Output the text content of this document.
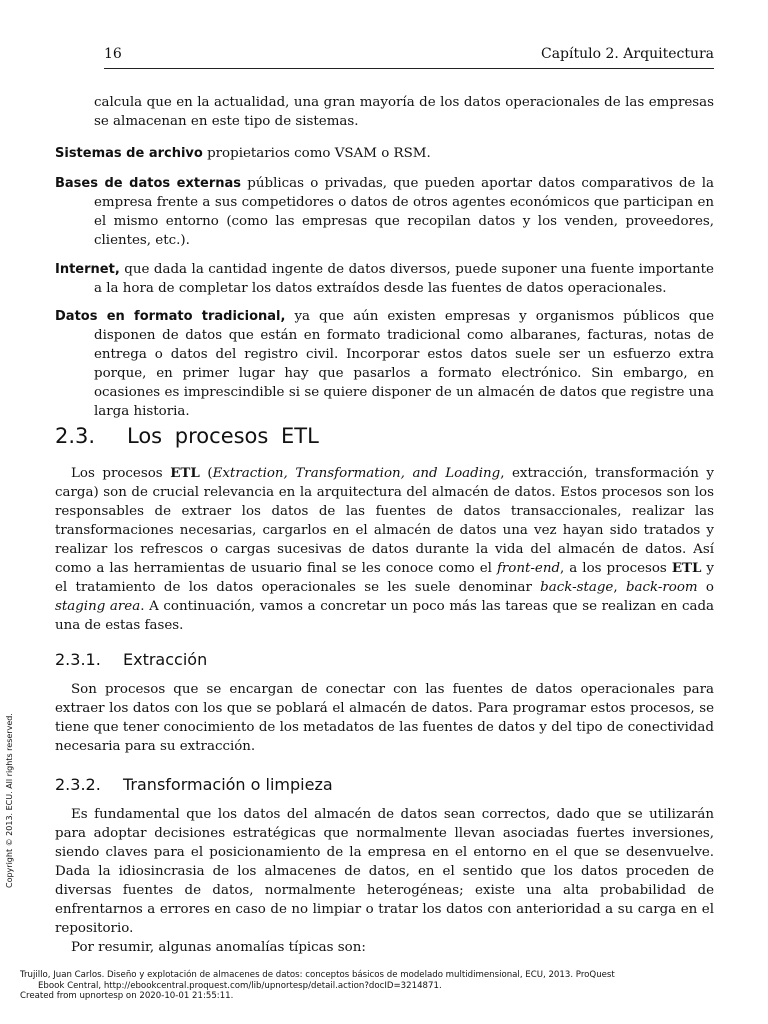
16	Capítulo 2. Arquitectura
calcula que en la actualidad, una gran mayoría de los datos operacionales de las empresas se almacenan en este tipo de sistemas.

Sistemas de archivo propietarios como VSAM o RSM.

Bases de datos externas públicas o privadas, que pueden aportar datos comparativos de la empresa frente a sus competidores o datos de otros agentes económicos que participan en el mismo entorno (como las empresas que recopilan datos y los venden, proveedores, clientes, etc.).

Internet, que dada la cantidad ingente de datos diversos, puede suponer una fuente importante a la hora de completar los datos extraídos desde las fuentes de datos operacionales.

Datos en formato tradicional, ya que aún existen empresas y organismos públicos que disponen de datos que están en formato tradicional como albaranes, facturas, notas de entrega o datos del registro civil. Incorporar estos datos suele ser un esfuerzo extra porque, en primer lugar hay que pasarlos a formato electrónico. Sin embargo, en ocasiones es imprescindible si se quiere disponer de un almacén de datos que registre una larga historia.

2.3. Los procesos ETL

Los procesos ETL (Extraction, Transformation, and Loading, extracción, transformación y carga) son de crucial relevancia en la arquitectura del almacén de datos. Estos procesos son los responsables de extraer los datos de las fuentes de datos transaccionales, realizar las transformaciones necesarias, cargarlos en el almacén de datos una vez hayan sido tratados y realizar los refrescos o cargas sucesivas de datos durante la vida del almacén de datos. Así como a las herramientas de usuario final se les conoce como el front-end, a los procesos ETL y el tratamiento de los datos operacionales se les suele denominar back-stage, back-room o staging area. A continuación, vamos a concretar un poco más las tareas que se realizan en cada una de estas fases.

2.3.1. Extracción

Son procesos que se encargan de conectar con las fuentes de datos operacionales para extraer los datos con los que se poblará el almacén de datos. Para programar estos procesos, se tiene que tener conocimiento de los metadatos de las fuentes de datos y del tipo de conectividad necesaria para su extracción.

2.3.2. Transformación o limpieza

Es fundamental que los datos del almacén de datos sean correctos, dado que se utilizarán para adoptar decisiones estratégicas que normalmente llevan asociadas fuertes inversiones, siendo claves para el posicionamiento de la empresa en el entorno en el que se desenvuelve. Dada la idiosincrasia de los almacenes de datos, en el sentido que los datos proceden de diversas fuentes de datos, normalmente heterogéneas; existe una alta probabilidad de enfrentarnos a errores en caso de no limpiar o tratar los datos con anterioridad a su carga en el repositorio.

Por resumir, algunas anomalías típicas son:

Copyright © 2013. ECU. All rights reserved.
Trujillo, Juan Carlos. Diseño y explotación de almacenes de datos: conceptos básicos de modelado multidimensional, ECU, 2013. ProQuest
Ebook Central, http://ebookcentral.proquest.com/lib/upnortesp/detail.action?docID=3214871.
Created from upnortesp on 2020-10-01 21:55:11.
